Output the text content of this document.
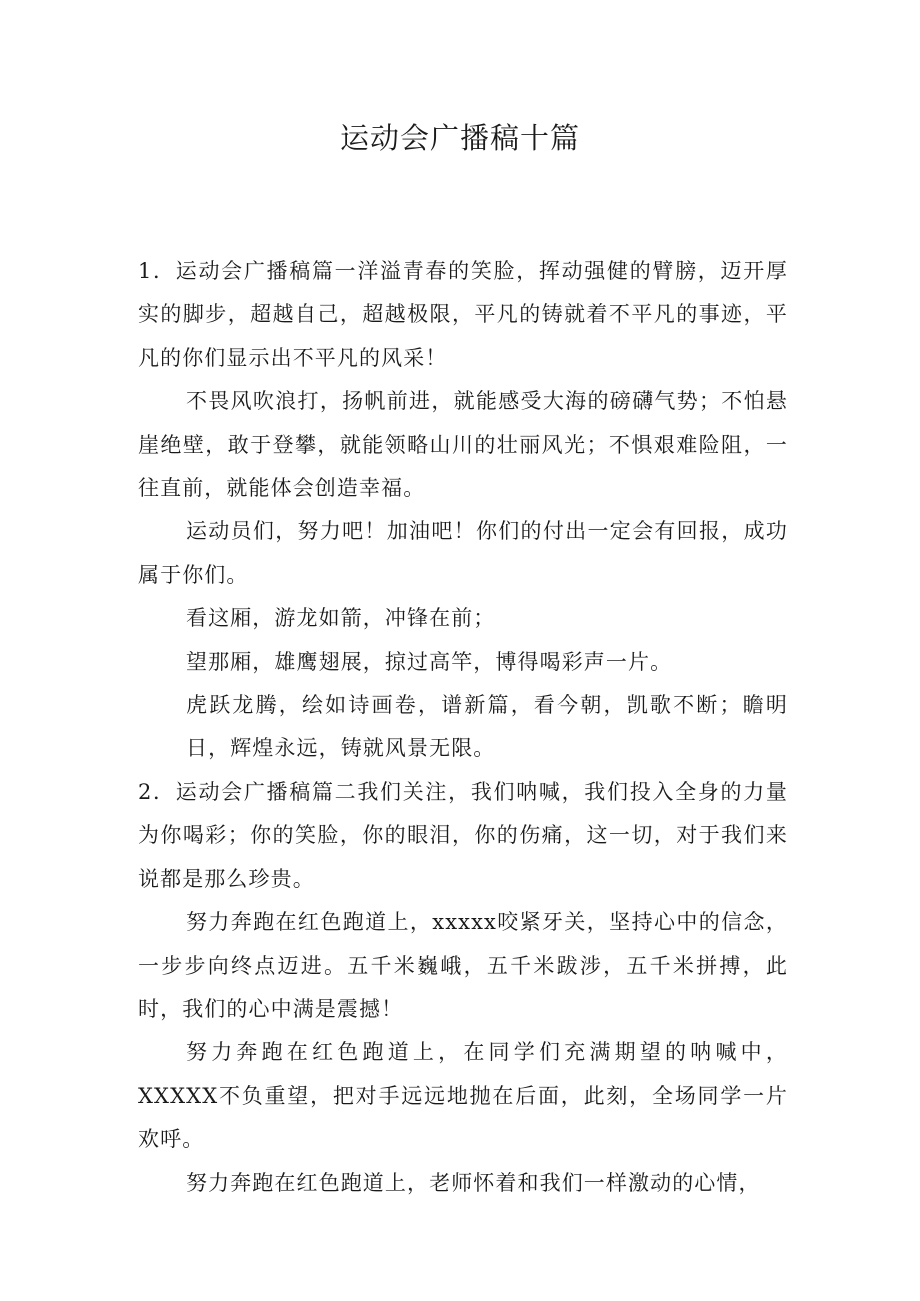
运动会广播稿十篇

1．运动会广播稿篇一洋溢青春的笑脸，挥动强健的臂膀，迈开厚实的脚步，超越自己，超越极限，平凡的铸就着不平凡的事迹，平凡的你们显示出不平凡的风采！

不畏风吹浪打，扬帆前进，就能感受大海的磅礴气势；不怕悬崖绝壁，敢于登攀，就能领略山川的壮丽风光；不惧艰难险阻，一往直前，就能体会创造幸福。

运动员们，努力吧！加油吧！你们的付出一定会有回报，成功属于你们。

看这厢，游龙如箭，冲锋在前；

望那厢，雄鹰翅展，掠过高竿，博得喝彩声一片。

虎跃龙腾，绘如诗画卷，谱新篇，看今朝，凯歌不断；瞻明日，辉煌永远，铸就风景无限。

2．运动会广播稿篇二我们关注，我们呐喊，我们投入全身的力量为你喝彩；你的笑脸，你的眼泪，你的伤痛，这一切，对于我们来说都是那么珍贵。

努力奔跑在红色跑道上，xxxxx咬紧牙关，坚持心中的信念，一步步向终点迈进。五千米巍峨，五千米跋涉，五千米拼搏，此时，我们的心中满是震撼！

努力奔跑在红色跑道上，在同学们充满期望的呐喊中，XXXXX不负重望，把对手远远地抛在后面，此刻，全场同学一片欢呼。

努力奔跑在红色跑道上，老师怀着和我们一样激动的心情，
